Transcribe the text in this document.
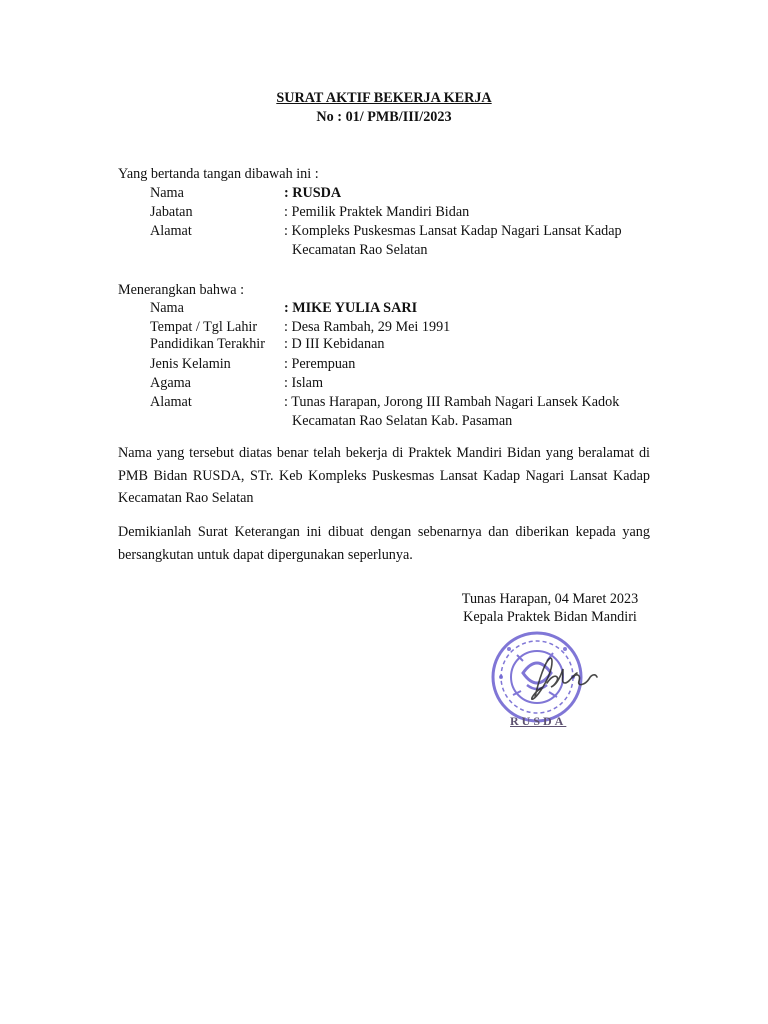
SURAT AKTIF BEKERJA KERJA
No : 01/ PMB/III/2023
Yang bertanda tangan dibawah ini :
Nama	: RUSDA
Jabatan	: Pemilik Praktek Mandiri Bidan
Alamat	: Kompleks Puskesmas Lansat Kadap Nagari Lansat Kadap
Kecamatan Rao Selatan
Menerangkan bahwa :
Nama	: MIKE YULIA SARI
Tempat / Tgl Lahir : Desa Rambah, 29 Mei 1991
Pandidikan Terakhir : D III Kebidanan
Jenis Kelamin	: Perempuan
Agama	: Islam
Alamat	: Tunas Harapan, Jorong III Rambah Nagari Lansek Kadok
Kecamatan Rao Selatan Kab. Pasaman
Nama yang tersebut diatas benar telah bekerja di Praktek Mandiri Bidan yang beralamat di PMB Bidan RUSDA, STr. Keb Kompleks Puskesmas Lansat Kadap Nagari Lansat Kadap Kecamatan Rao Selatan
Demikianlah Surat Keterangan ini dibuat dengan sebenarnya dan diberikan kepada yang bersangkutan untuk dapat dipergunakan seperlunya.
Tunas Harapan, 04 Maret 2023
Kepala Praktek Bidan Mandiri
RUSDA
